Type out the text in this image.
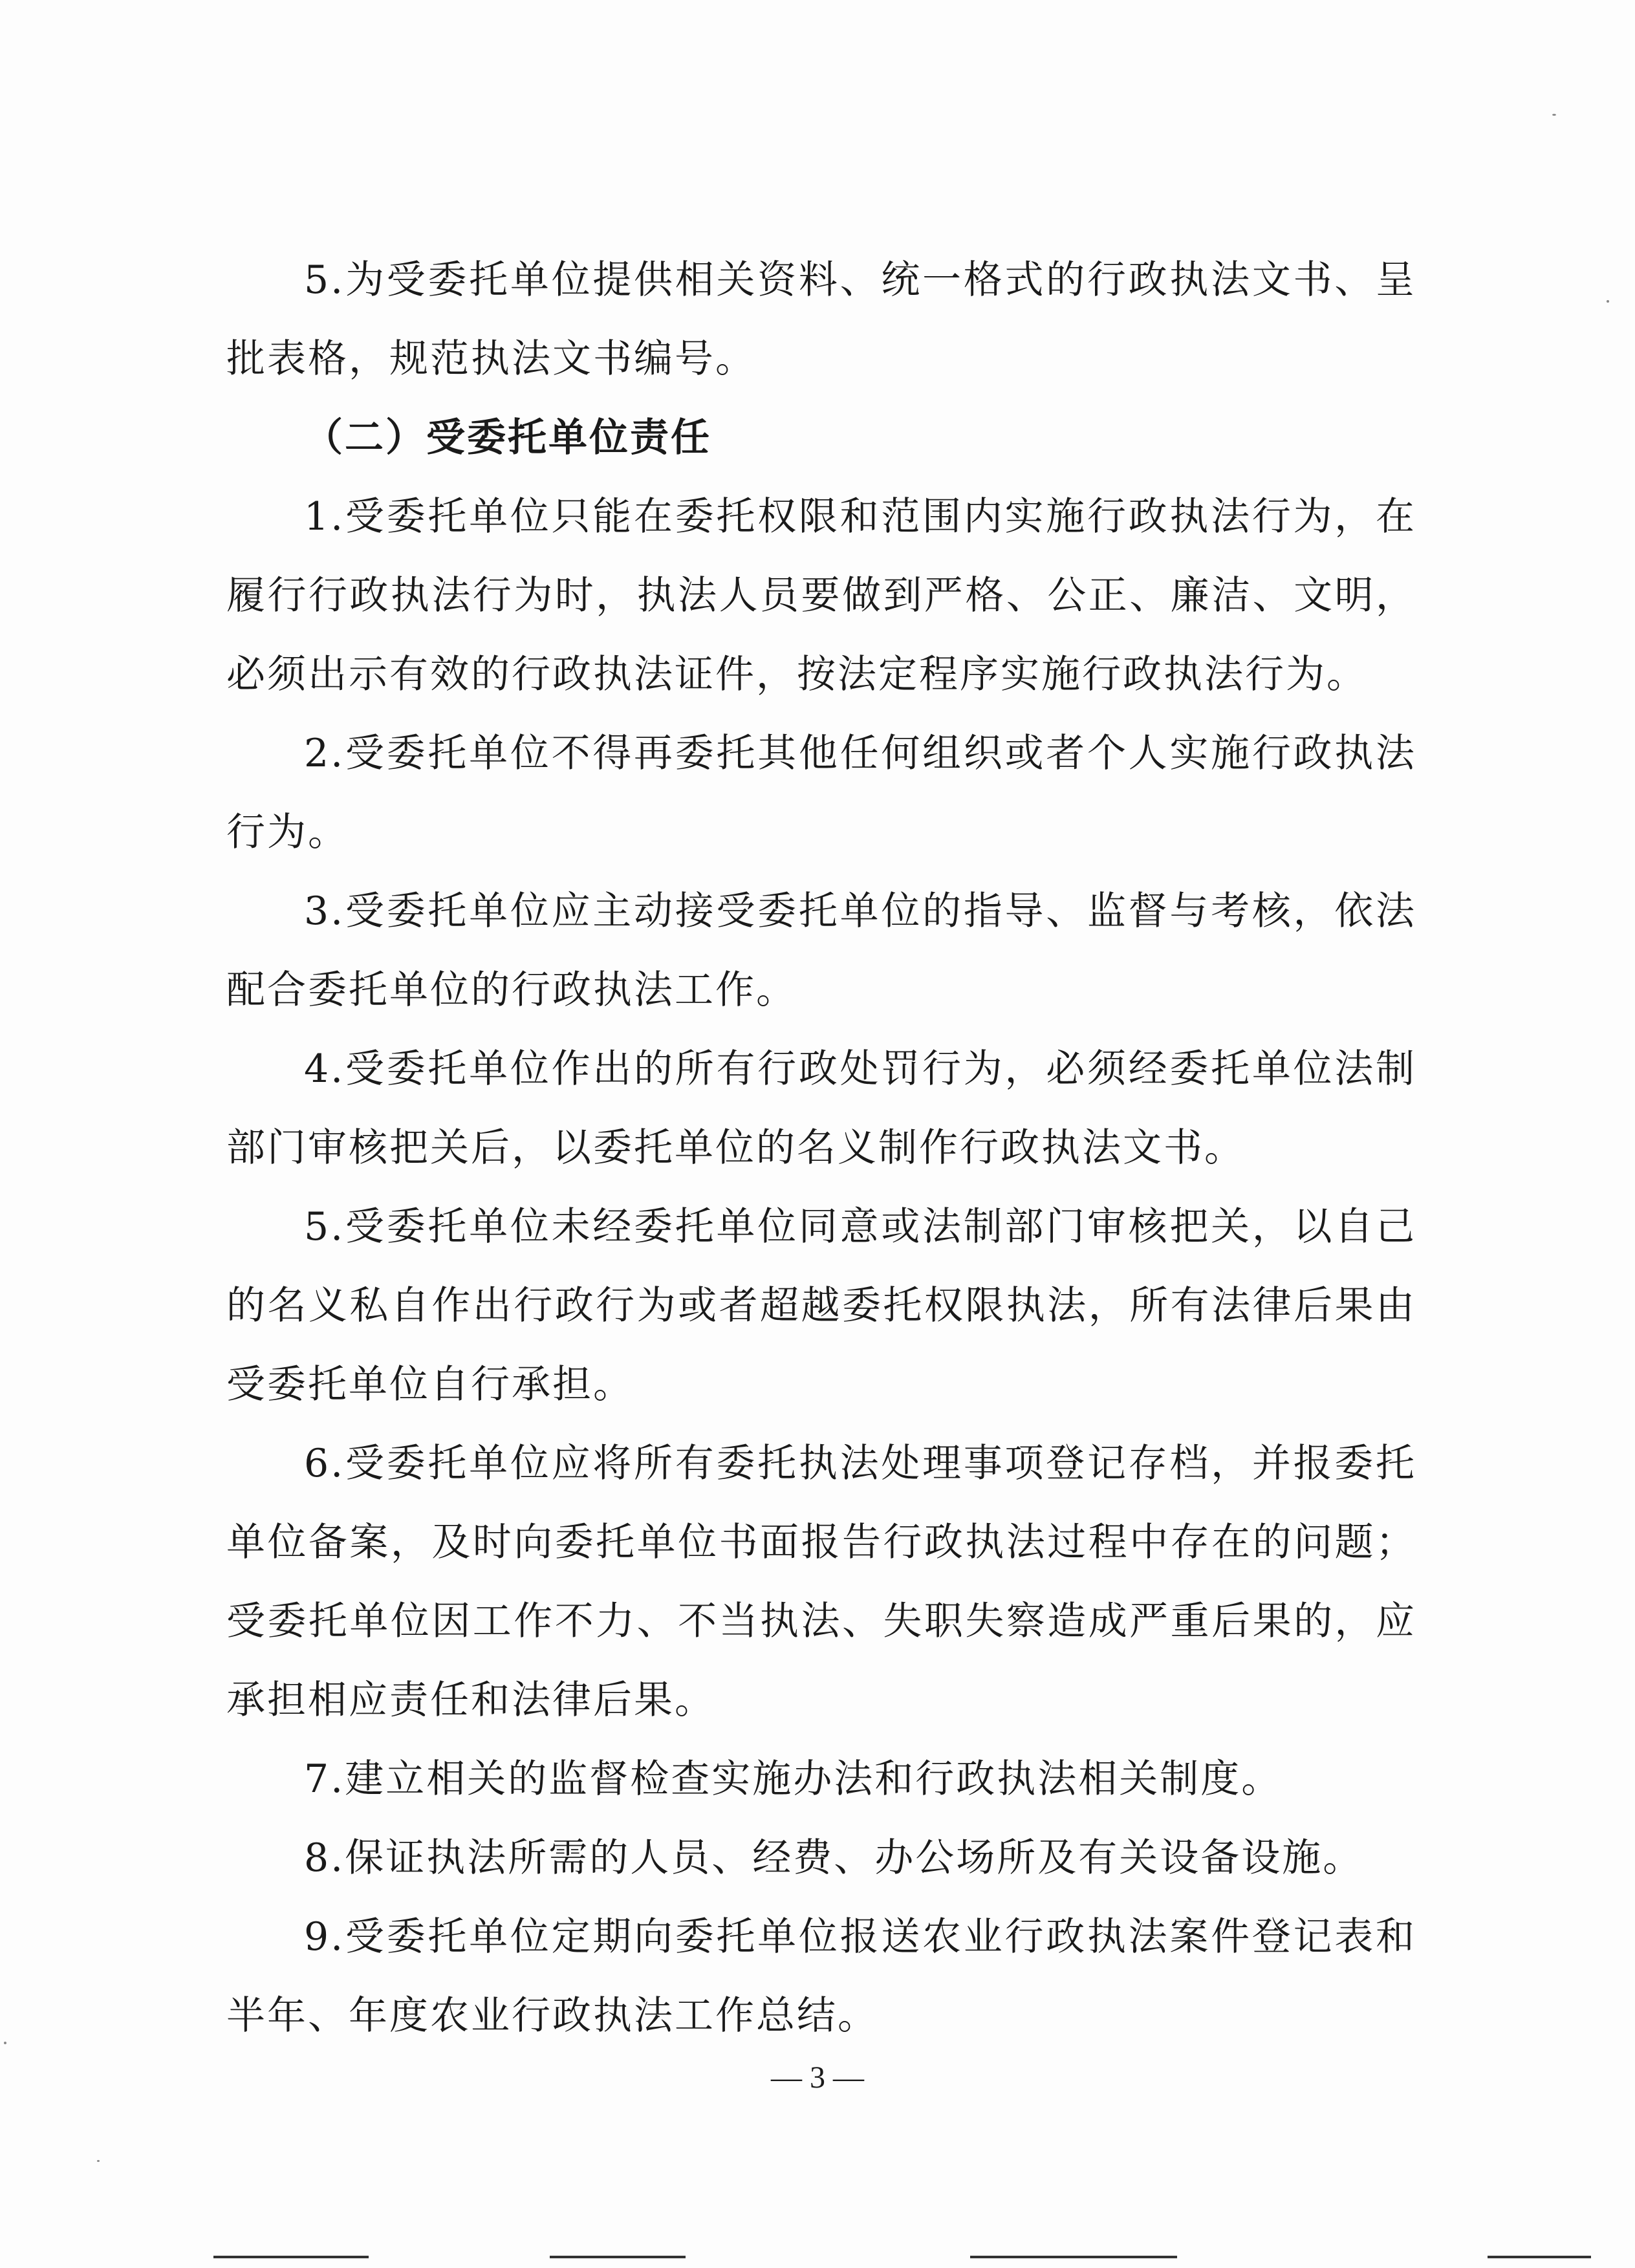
5.为受委托单位提供相关资料、统一格式的行政执法文书、呈批表格，规范执法文书编号。

（二）受委托单位责任

1.受委托单位只能在委托权限和范围内实施行政执法行为，在履行行政执法行为时，执法人员要做到严格、公正、廉洁、文明，必须出示有效的行政执法证件，按法定程序实施行政执法行为。

2.受委托单位不得再委托其他任何组织或者个人实施行政执法行为。

3.受委托单位应主动接受委托单位的指导、监督与考核，依法配合委托单位的行政执法工作。

4.受委托单位作出的所有行政处罚行为，必须经委托单位法制部门审核把关后，以委托单位的名义制作行政执法文书。

5.受委托单位未经委托单位同意或法制部门审核把关，以自己的名义私自作出行政行为或者超越委托权限执法，所有法律后果由受委托单位自行承担。

6.受委托单位应将所有委托执法处理事项登记存档，并报委托单位备案，及时向委托单位书面报告行政执法过程中存在的问题；受委托单位因工作不力、不当执法、失职失察造成严重后果的，应承担相应责任和法律后果。

7.建立相关的监督检查实施办法和行政执法相关制度。

8.保证执法所需的人员、经费、办公场所及有关设备设施。

9.受委托单位定期向委托单位报送农业行政执法案件登记表和半年、年度农业行政执法工作总结。

— 3 —
